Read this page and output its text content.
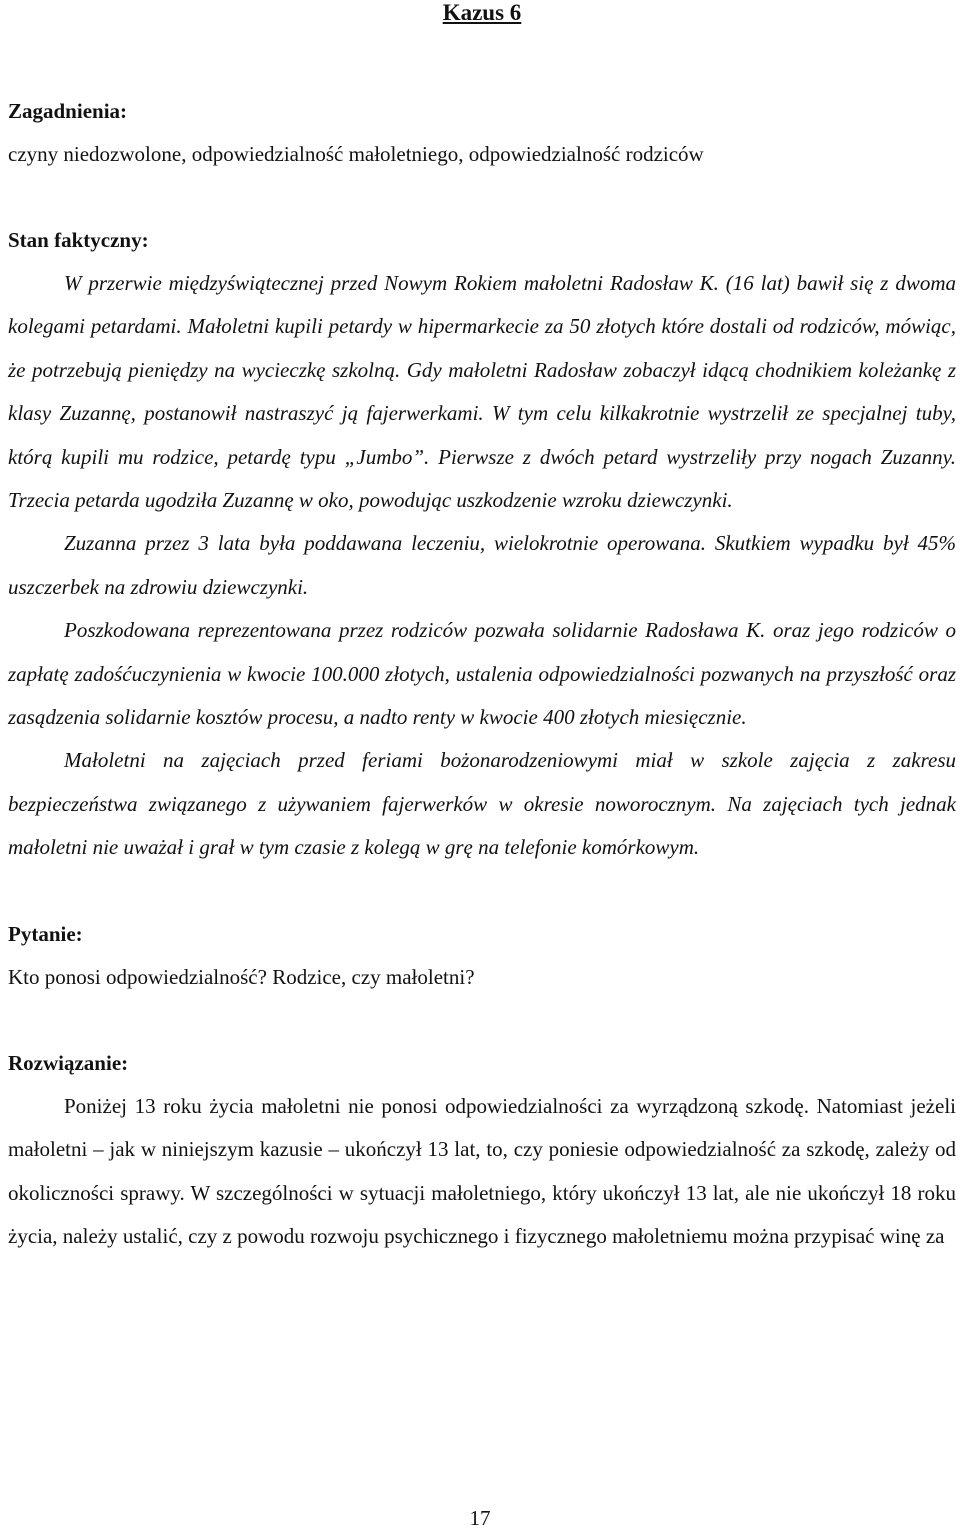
Kazus 6
Zagadnienia:
czyny niedozwolone, odpowiedzialność małoletniego, odpowiedzialność rodziców
Stan faktyczny:

W przerwie międzyświątecznej przed Nowym Rokiem małoletni Radosław K. (16 lat) bawił się z dwoma kolegami petardami. Małoletni kupili petardy w hipermarkecie za 50 złotych które dostali od rodziców, mówiąc, że potrzebują pieniędzy na wycieczkę szkolną. Gdy małoletni Radosław zobaczył idącą chodnikiem koleżankę z klasy Zuzannę, postanowił nastraszyć ją fajerwerkami. W tym celu kilkakrotnie wystrzelił ze specjalnej tuby, którą kupili mu rodzice, petardę typu „Jumbo”. Pierwsze z dwóch petard wystrzeliły przy nogach Zuzanny. Trzecia petarda ugodziła Zuzannę w oko, powodując uszkodzenie wzroku dziewczynki.

Zuzanna przez 3 lata była poddawana leczeniu, wielokrotnie operowana. Skutkiem wypadku był 45% uszczerbek na zdrowiu dziewczynki.

Poszkodowana reprezentowana przez rodziców pozwała solidarnie Radosława K. oraz jego rodziców o zapłatę zadośćuczynienia w kwocie 100.000 złotych, ustalenia odpowiedzialności pozwanych na przyszłość oraz zasądzenia solidarnie kosztów procesu, a nadto renty w kwocie 400 złotych miesięcznie.

Małoletni na zajęciach przed feriami bożonarodzeniowymi miał w szkole zajęcia z zakresu bezpieczeństwa związanego z używaniem fajerwerków w okresie noworocznym. Na zajęciach tych jednak małoletni nie uważał i grał w tym czasie z kolegą w grę na telefonie komórkowym.

Pytanie:
Kto ponosi odpowiedzialność? Rodzice, czy małoletni?
Rozwiązanie:

Poniżej 13 roku życia małoletni nie ponosi odpowiedzialności za wyrządzoną szkodę. Natomiast jeżeli małoletni – jak w niniejszym kazusie – ukończył 13 lat, to, czy poniesie odpowiedzialność za szkodę, zależy od okoliczności sprawy. W szczególności w sytuacji małoletniego, który ukończył 13 lat, ale nie ukończył 18 roku życia, należy ustalić, czy z powodu rozwoju psychicznego i fizycznego małoletniemu można przypisać winę za

17
